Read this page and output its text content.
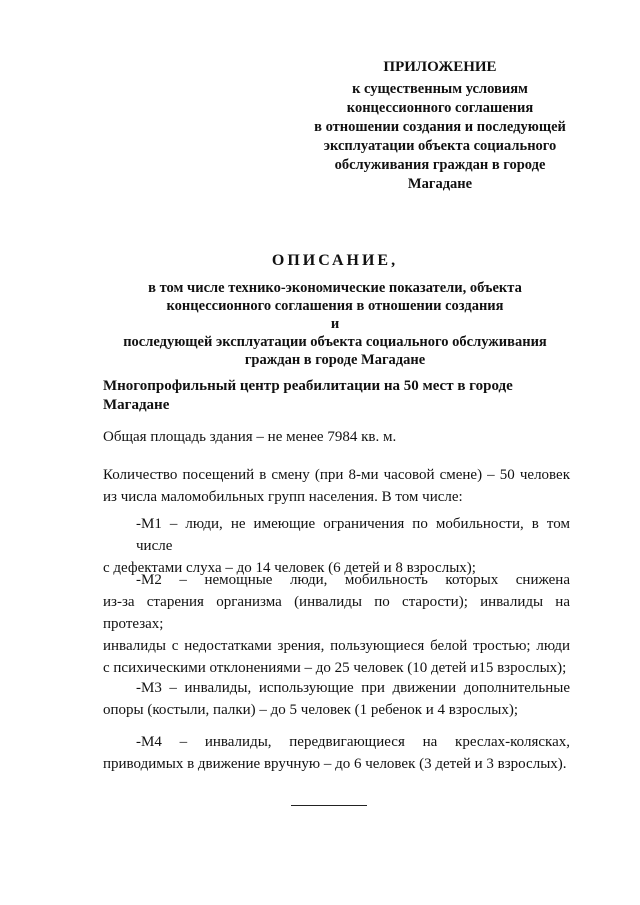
ПРИЛОЖЕНИЕ
к существенным условиям
концессионного соглашения
в отношении создания и последующей
эксплуатации объекта социального
обслуживания граждан в городе
Магадане
ОПИСАНИЕ,
в том числе технико-экономические показатели, объекта
концессионного соглашения в отношении создания
и
последующей эксплуатации объекта социального обслуживания
граждан в городе Магадане
Многопрофильный центр реабилитации на 50 мест в городе
Магадане
Общая площадь здания – не менее 7984 кв. м.
Количество посещений в смену (при 8-ми часовой смене) – 50 человек
из числа маломобильных групп населения. В том числе:
-М1 – люди, не имеющие ограничения по мобильности, в том числе
с дефектами слуха – до 14 человек (6 детей и 8 взрослых);
-М2 – немощные люди, мобильность которых снижена
из-за старения организма (инвалиды по старости); инвалиды на протезах;
инвалиды с недостатками зрения, пользующиеся белой тростью; люди
с психическими отклонениями – до 25 человек (10 детей и15 взрослых);
-М3 – инвалиды, использующие при движении дополнительные
опоры (костыли, палки) – до 5 человек (1 ребенок и 4 взрослых);
-М4 – инвалиды, передвигающиеся на креслах-колясках,
приводимых в движение вручную – до 6 человек (3 детей и 3 взрослых).
